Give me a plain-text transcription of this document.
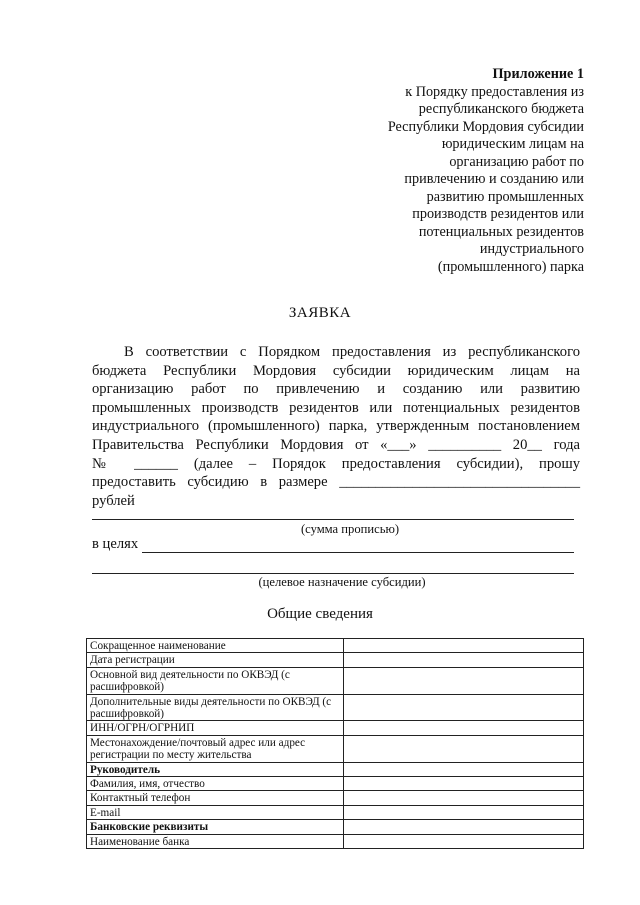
Приложение 1
к Порядку предоставления из
республиканского бюджета
Республики Мордовия субсидии
юридическим лицам на
организацию работ по
привлечению и созданию или
развитию промышленных
производств резидентов или
потенциальных резидентов
индустриального
(промышленного) парка
ЗАЯВКА
В соответствии с Порядком предоставления из республиканского
бюджета Республики Мордовия субсидии юридическим лицам на
организацию работ по привлечению и созданию или развитию
промышленных производств резидентов или потенциальных резидентов
индустриального (промышленного) парка, утвержденным постановлением
Правительства Республики Мордовия от «___» __________ 20__ года
№ ______ (далее – Порядок предоставления субсидии), прошу
предоставить субсидию в размере _________________________________
рублей
(сумма прописью)
в целях
(целевое назначение субсидии)
Общие сведения
Сокращенное наименование	
Дата регистрации	
Основной вид деятельности по ОКВЭД (с расшифровкой)	
Дополнительные виды деятельности по ОКВЭД (с расшифровкой)	
ИНН/ОГРН/ОГРНИП	
Местонахождение/почтовый адрес или адрес регистрации по месту жительства	
Руководитель	
Фамилия, имя, отчество	
Контактный телефон	
E-mail	
Банковские реквизиты	
Наименование банка	
